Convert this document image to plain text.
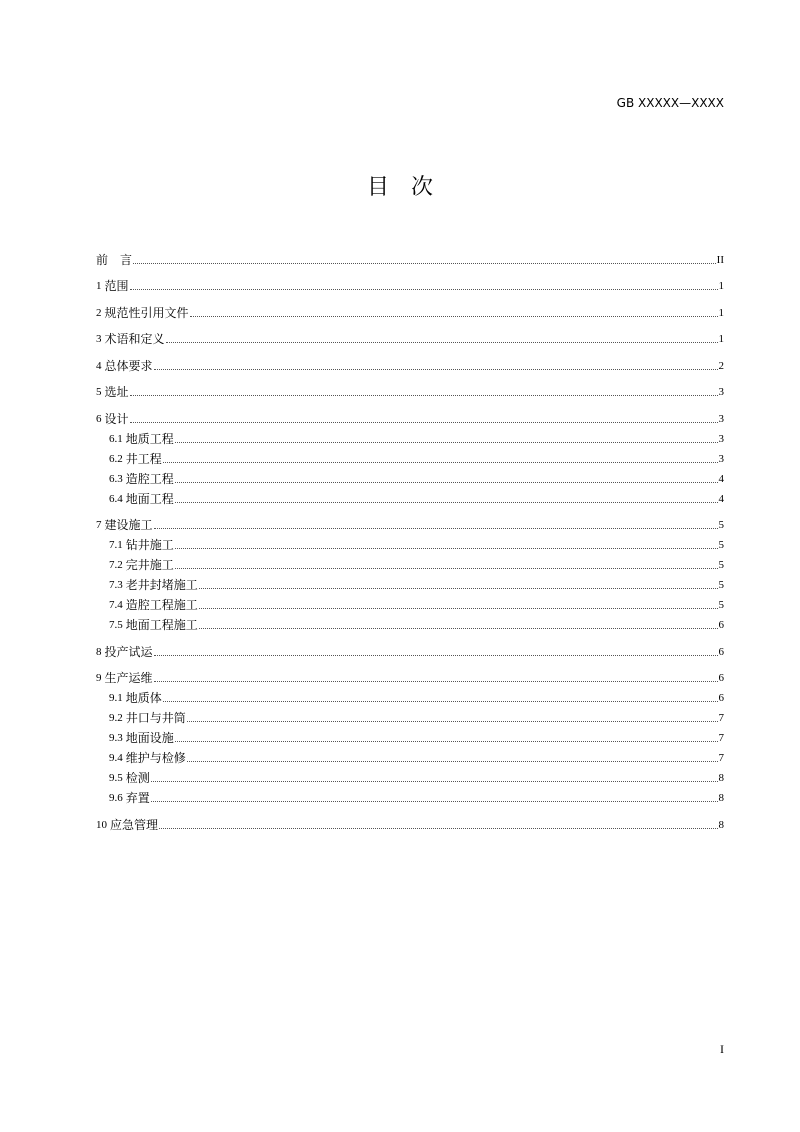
GB XXXXX—XXXX
目　次
前　言	II
1 范围	1
2 规范性引用文件	1
3 术语和定义	1
4 总体要求	2
5 选址	3
6 设计	3
6.1 地质工程	3
6.2 井工程	3
6.3 造腔工程	4
6.4 地面工程	4
7 建设施工	5
7.1 钻井施工	5
7.2 完井施工	5
7.3 老井封堵施工	5
7.4 造腔工程施工	5
7.5 地面工程施工	6
8 投产试运	6
9 生产运维	6
9.1 地质体	6
9.2 井口与井筒	7
9.3 地面设施	7
9.4 维护与检修	7
9.5 检测	8
9.6 弃置	8
10 应急管理	8
I
